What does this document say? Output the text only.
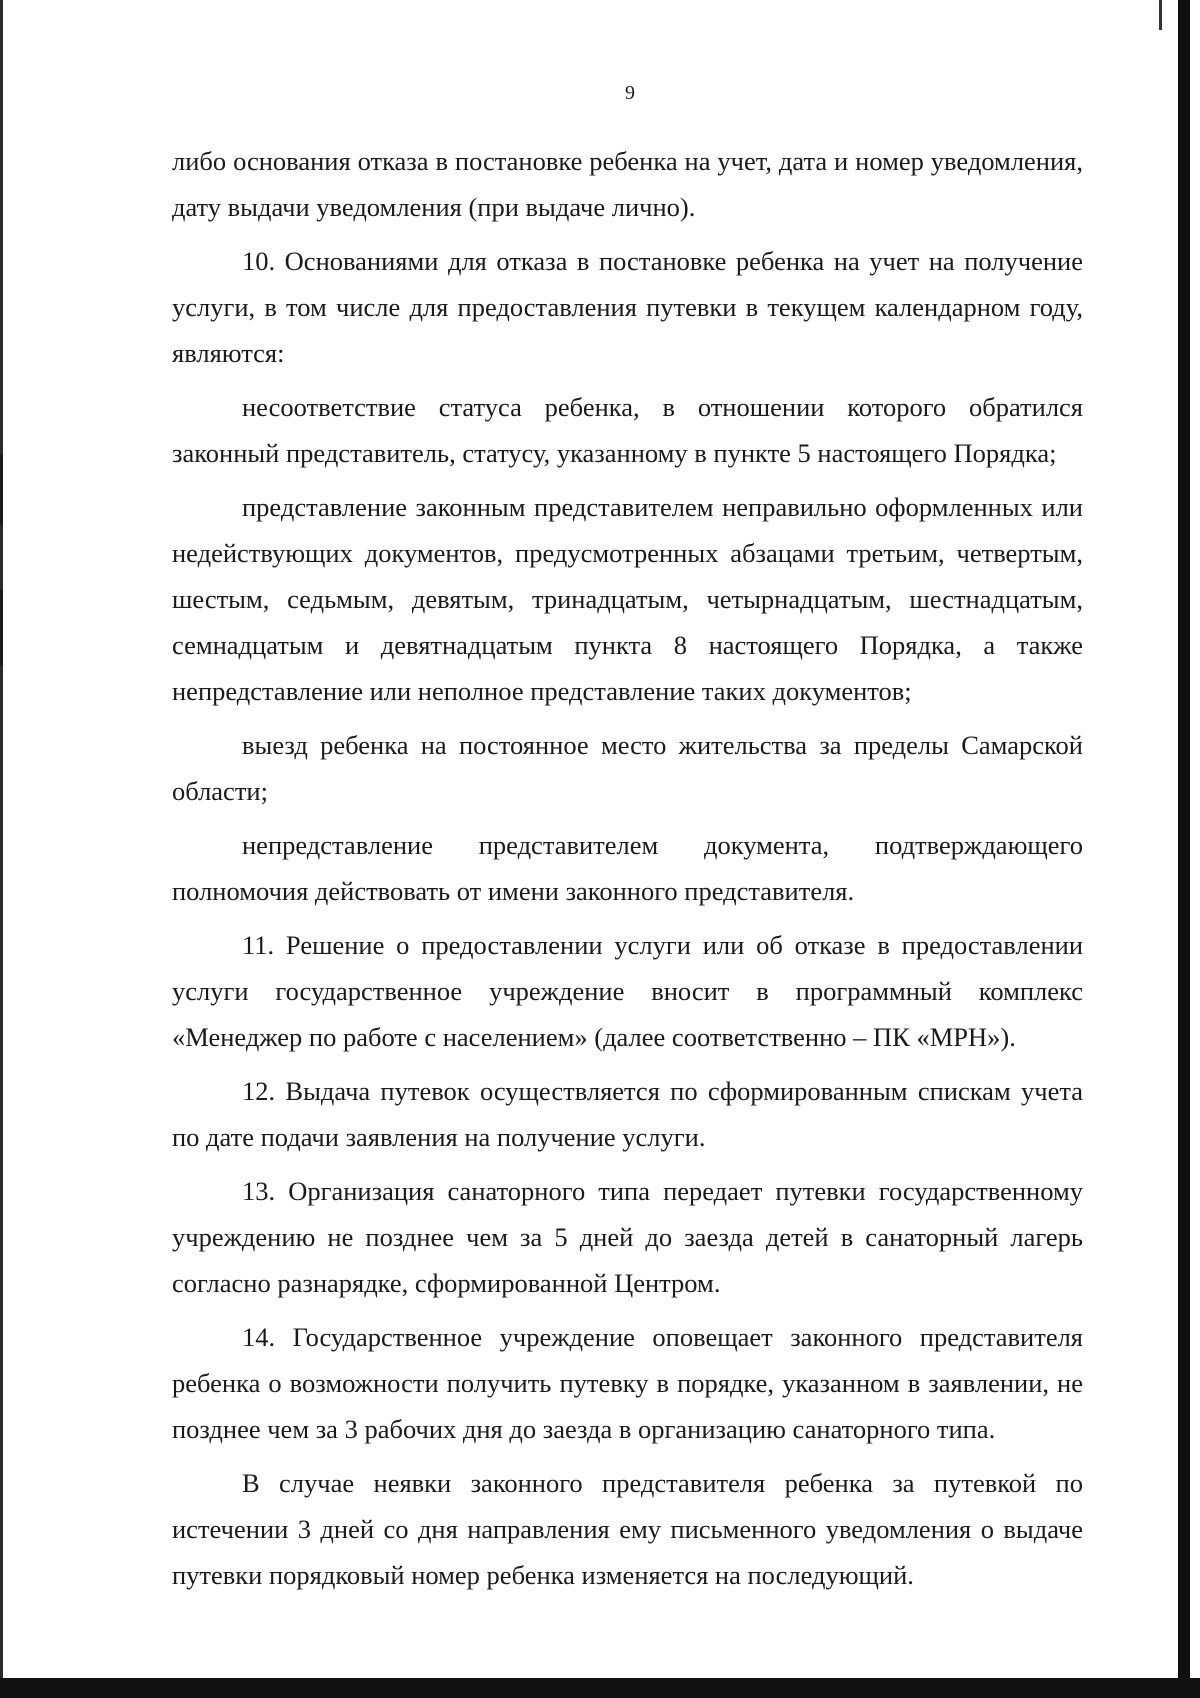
9

либо основания отказа в постановке ребенка на учет, дата и номер уведомления, дату выдачи уведомления (при выдаче лично).

10. Основаниями для отказа в постановке ребенка на учет на получение услуги, в том числе для предоставления путевки в текущем календарном году, являются:

несоответствие статуса ребенка, в отношении которого обратился законный представитель, статусу, указанному в пункте 5 настоящего Порядка;

представление законным представителем неправильно оформленных или недействующих документов, предусмотренных абзацами третьим, четвертым, шестым, седьмым, девятым, тринадцатым, четырнадцатым, шестнадцатым, семнадцатым и девятнадцатым пункта 8 настоящего Порядка, а также непредставление или неполное представление таких документов;

выезд ребенка на постоянное место жительства за пределы Самарской области;

непредставление представителем документа, подтверждающего полномочия действовать от имени законного представителя.

11. Решение о предоставлении услуги или об отказе в предоставлении услуги государственное учреждение вносит в программный комплекс «Менеджер по работе с населением» (далее соответственно – ПК «МРН»).

12. Выдача путевок осуществляется по сформированным спискам учета по дате подачи заявления на получение услуги.

13. Организация санаторного типа передает путевки государственному учреждению не позднее чем за 5 дней до заезда детей в санаторный лагерь согласно разнарядке, сформированной Центром.

14. Государственное учреждение оповещает законного представителя ребенка о возможности получить путевку в порядке, указанном в заявлении, не позднее чем за 3 рабочих дня до заезда в организацию санаторного типа.

В случае неявки законного представителя ребенка за путевкой по истечении 3 дней со дня направления ему письменного уведомления о выдаче путевки порядковый номер ребенка изменяется на последующий.
